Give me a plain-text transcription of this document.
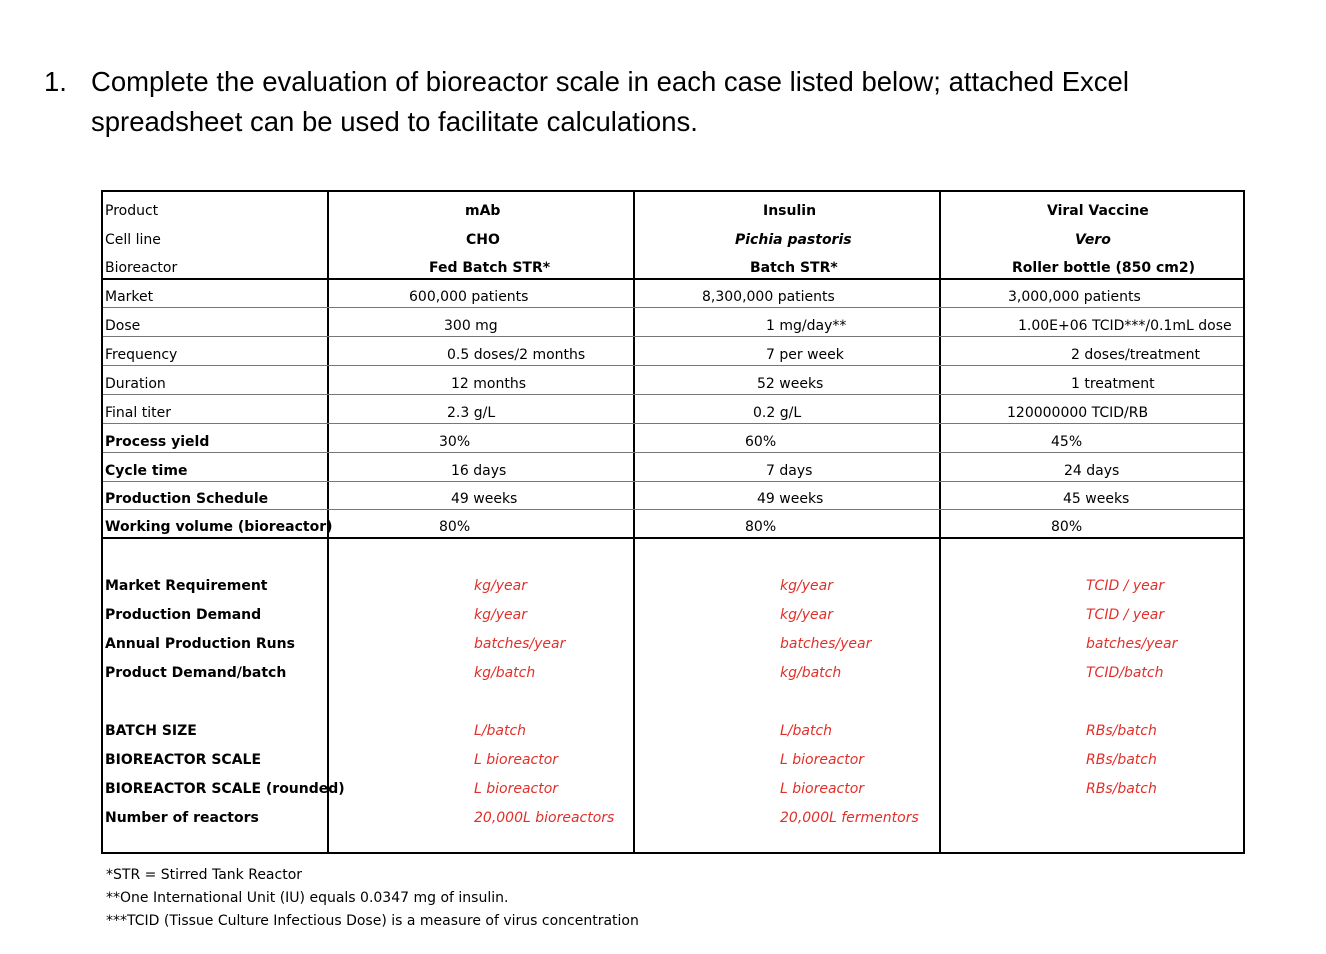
1. Complete the evaluation of bioreactor scale in each case listed below; attached Excel spreadsheet can be used to facilitate calculations.
Product	mAb	Insulin	Viral Vaccine
Cell line	CHO	Pichia pastoris	Vero
Bioreactor	Fed Batch STR*	Batch STR*	Roller bottle (850 cm2)
Market	600,000 patients	8,300,000 patients	3,000,000 patients
Dose	300 mg	1 mg/day**	1.00E+06 TCID***/0.1mL dose
Frequency	0.5 doses/2 months	7 per week	2 doses/treatment
Duration	12 months	52 weeks	1 treatment
Final titer	2.3 g/L	0.2 g/L	120000000 TCID/RB
Process yield	30%	60%	45%
Cycle time	16 days	7 days	24 days
Production Schedule	49 weeks	49 weeks	45 weeks
Working volume (bioreactor)	80%	80%	80%
Market Requirement	kg/year	kg/year	TCID / year
Production Demand	kg/year	kg/year	TCID / year
Annual Production Runs	batches/year	batches/year	batches/year
Product Demand/batch	kg/batch	kg/batch	TCID/batch
BATCH SIZE	L/batch	L/batch	RBs/batch
BIOREACTOR SCALE	L bioreactor	L bioreactor	RBs/batch
BIOREACTOR SCALE (rounded)	L bioreactor	L bioreactor	RBs/batch
Number of reactors	20,000L bioreactors	20,000L fermentors
*STR = Stirred Tank Reactor
**One International Unit (IU) equals 0.0347 mg of insulin.
***TCID (Tissue Culture Infectious Dose) is a measure of virus concentration
